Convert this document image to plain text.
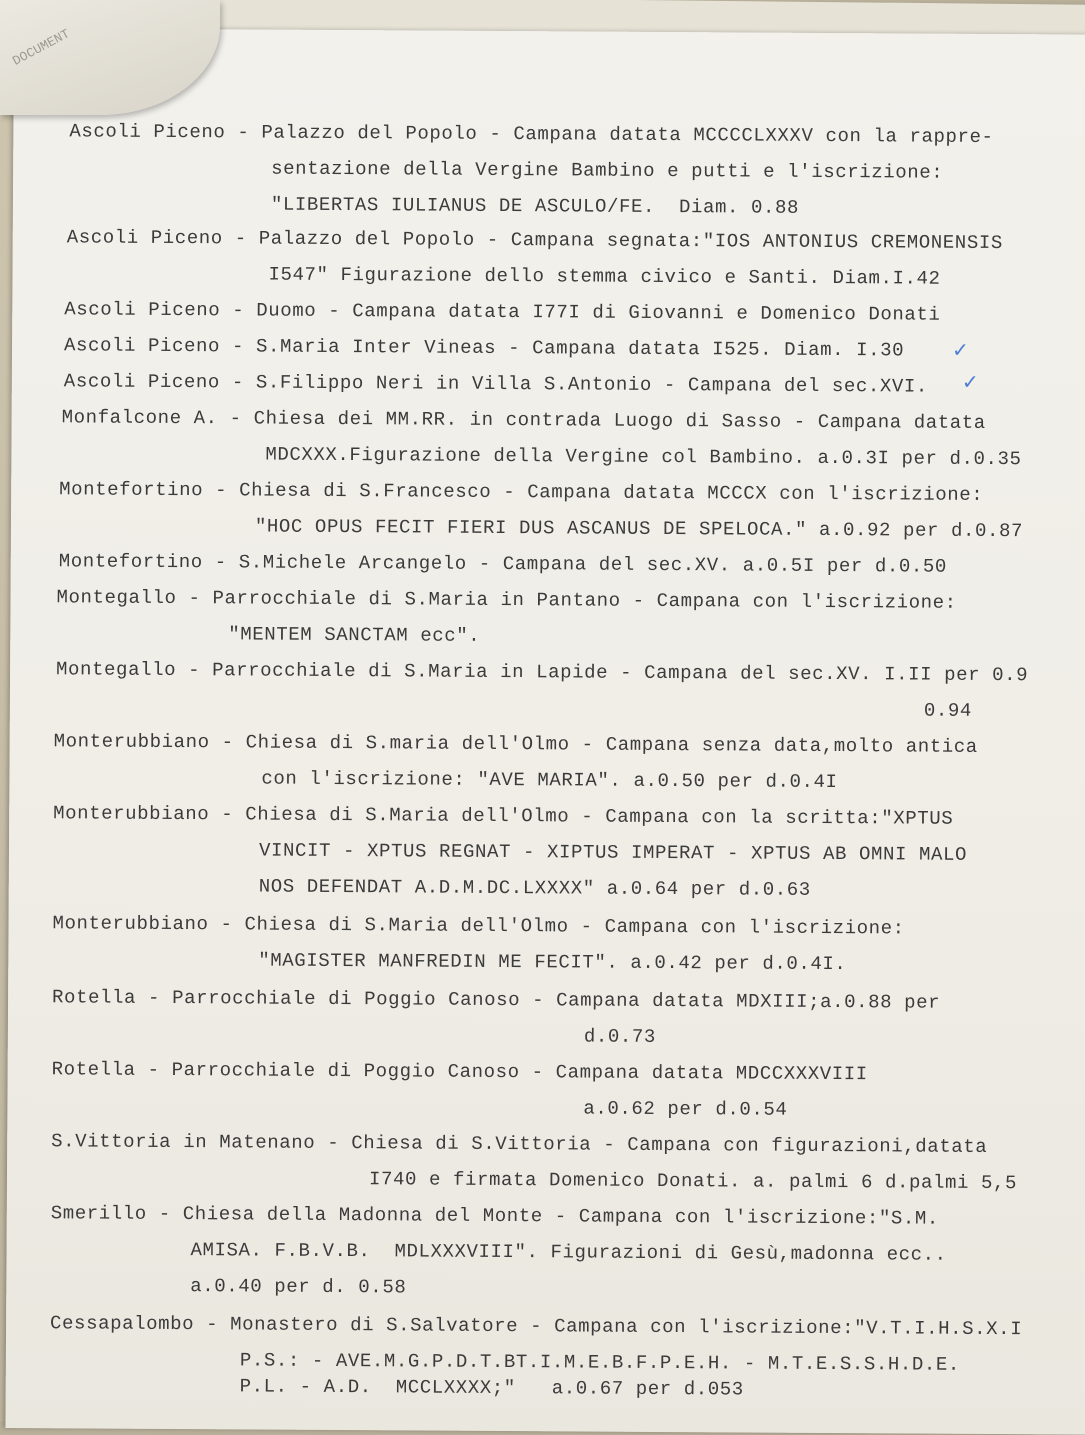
DOCUMENT
Ascoli Piceno - Palazzo del Popolo - Campana datata MCCCCLXXXV con la rappre-
sentazione della Vergine Bambino e putti e l'iscrizione:
"LIBERTAS IULIANUS DE ASCULO/FE.  Diam. 0.88
Ascoli Piceno - Palazzo del Popolo - Campana segnata:"IOS ANTONIUS CREMONENSIS
I547" Figurazione dello stemma civico e Santi. Diam.I.42
Ascoli Piceno - Duomo - Campana datata I77I di Giovanni e Domenico Donati
Ascoli Piceno - S.Maria Inter Vineas - Campana datata I525. Diam. I.30 ✓
Ascoli Piceno - S.Filippo Neri in Villa S.Antonio - Campana del sec.XVI. ✓
Monfalcone A. - Chiesa dei MM.RR. in contrada Luogo di Sasso - Campana datata
MDCXXX.Figurazione della Vergine col Bambino. a.0.3I per d.0.35
Montefortino - Chiesa di S.Francesco - Campana datata MCCCX con l'iscrizione:
"HOC OPUS FECIT FIERI DUS ASCANUS DE SPELOCA." a.0.92 per d.0.87
Montefortino - S.Michele Arcangelo - Campana del sec.XV. a.0.5I per d.0.50
Montegallo - Parrocchiale di S.Maria in Pantano - Campana con l'iscrizione:
"MENTEM SANCTAM ecc".
Montegallo - Parrocchiale di S.Maria in Lapide - Campana del sec.XV. I.II per 0.9
0.94
Monterubbiano - Chiesa di S.maria dell'Olmo - Campana senza data,molto antica
con l'iscrizione: "AVE MARIA". a.0.50 per d.0.4I
Monterubbiano - Chiesa di S.Maria dell'Olmo - Campana con la scritta:"XPTUS
VINCIT - XPTUS REGNAT - XIPTUS IMPERAT - XPTUS AB OMNI MALO
NOS DEFENDAT A.D.M.DC.LXXXX" a.0.64 per d.0.63
Monterubbiano - Chiesa di S.Maria dell'Olmo - Campana con l'iscrizione:
"MAGISTER MANFREDIN ME FECIT". a.0.42 per d.0.4I.
Rotella - Parrocchiale di Poggio Canoso - Campana datata MDXIII;a.0.88 per
d.0.73
Rotella - Parrocchiale di Poggio Canoso - Campana datata MDCCXXXVIII
a.0.62 per d.0.54
S.Vittoria in Matenano - Chiesa di S.Vittoria - Campana con figurazioni,datata
I740 e firmata Domenico Donati. a. palmi 6 d.palmi 5,5
Smerillo - Chiesa della Madonna del Monte - Campana con l'iscrizione:"S.M.
AMISA. F.B.V.B.  MDLXXXVIII". Figurazioni di Gesù,madonna ecc..
a.0.40 per d. 0.58
Cessapalombo - Monastero di S.Salvatore - Campana con l'iscrizione:"V.T.I.H.S.X.I
P.S.: - AVE.M.G.P.D.T.BT.I.M.E.B.F.P.E.H. - M.T.E.S.S.H.D.E.
P.L. - A.D.  MCCLXXXX;"   a.0.67 per d.053
